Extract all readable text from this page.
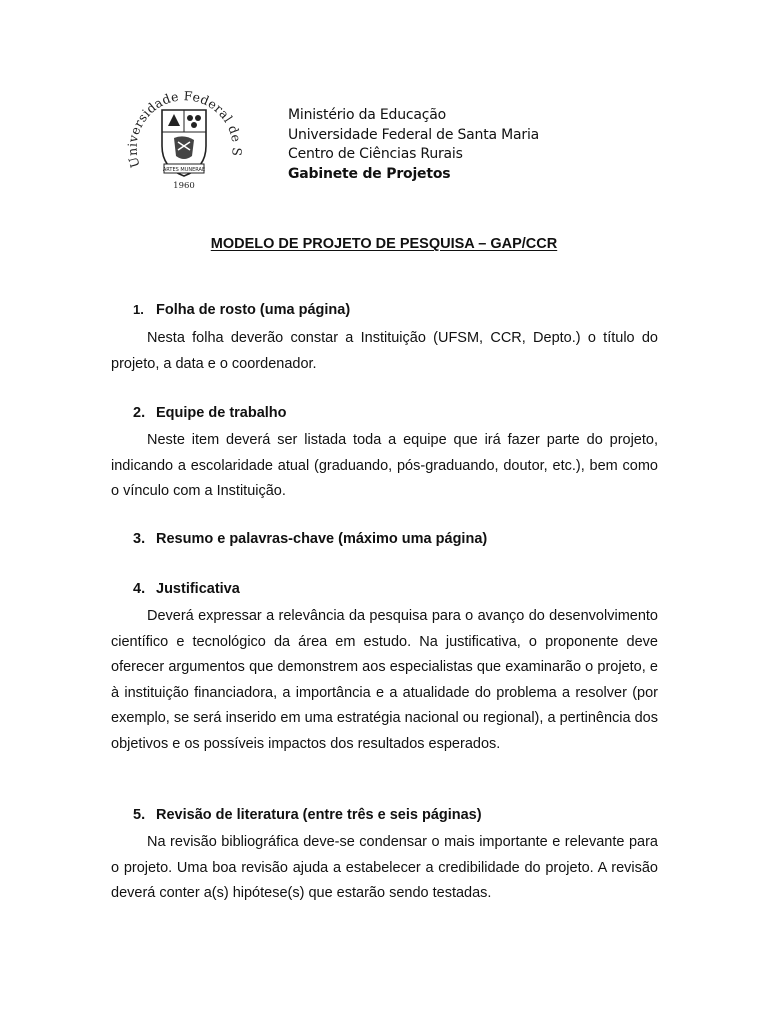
Universidade Federal de S
ARTES MUNERAE
1960
Ministério da Educação
Universidade Federal de Santa Maria
Centro de Ciências Rurais
Gabinete de Projetos
MODELO DE PROJETO DE PESQUISA – GAP/CCR
1. Folha de rosto (uma página)

Nesta folha deverão constar a Instituição (UFSM, CCR, Depto.) o título do projeto, a data e o coordenador.

2. Equipe de trabalho

Neste item deverá ser listada toda a equipe que irá fazer parte do projeto, indicando a escolaridade atual (graduando, pós-graduando, doutor, etc.), bem como o vínculo com a Instituição.

3. Resumo e palavras-chave (máximo uma página)
4. Justificativa

Deverá expressar a relevância da pesquisa para o avanço do desenvolvimento científico e tecnológico da área em estudo. Na justificativa, o proponente deve oferecer argumentos que demonstrem aos especialistas que examinarão o projeto, e à instituição financiadora, a importância e a atualidade do problema a resolver (por exemplo, se será inserido em uma estratégia nacional ou regional), a pertinência dos objetivos e os possíveis impactos dos resultados esperados.

5. Revisão de literatura (entre três e seis páginas)

Na revisão bibliográfica deve-se condensar o mais importante e relevante para o projeto. Uma boa revisão ajuda a estabelecer a credibilidade do projeto. A revisão deverá conter a(s) hipótese(s) que estarão sendo testadas.
